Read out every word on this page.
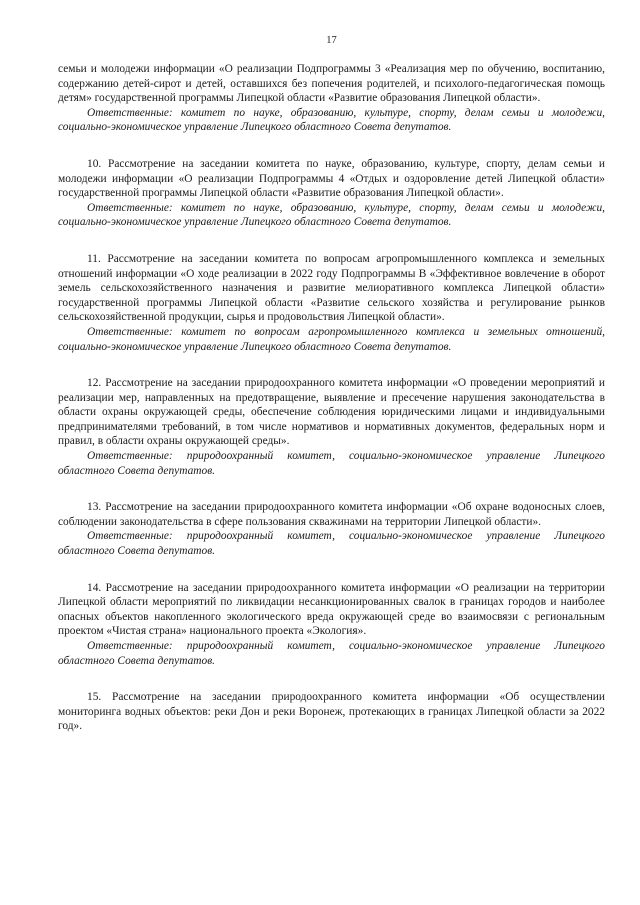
17

семьи и молодежи информации «О реализации Подпрограммы 3 «Реализация мер по обучению, воспитанию, содержанию детей-сирот и детей, оставшихся без попечения родителей, и психолого-педагогическая помощь детям» государственной программы Липецкой области «Развитие образования Липецкой области».

Ответственные: комитет по науке, образованию, культуре, спорту, делам семьи и молодежи, социально-экономическое управление Липецкого областного Совета депутатов.

10. Рассмотрение на заседании комитета по науке, образованию, культуре, спорту, делам семьи и молодежи информации «О реализации Подпрограммы 4 «Отдых и оздоровление детей Липецкой области» государственной программы Липецкой области «Развитие образования Липецкой области».

Ответственные: комитет по науке, образованию, культуре, спорту, делам семьи и молодежи, социально-экономическое управление Липецкого областного Совета депутатов.

11. Рассмотрение на заседании комитета по вопросам агропромышленного комплекса и земельных отношений информации «О ходе реализации в 2022 году Подпрограммы В «Эффективное вовлечение в оборот земель сельскохозяйственного назначения и развитие мелиоративного комплекса Липецкой области» государственной программы Липецкой области «Развитие сельского хозяйства и регулирование рынков сельскохозяйственной продукции, сырья и продовольствия Липецкой области».

Ответственные: комитет по вопросам агропромышленного комплекса и земельных отношений, социально-экономическое управление Липецкого областного Совета депутатов.

12. Рассмотрение на заседании природоохранного комитета информации «О проведении мероприятий и реализации мер, направленных на предотвращение, выявление и пресечение нарушения законодательства в области охраны окружающей среды, обеспечение соблюдения юридическими лицами и индивидуальными предпринимателями требований, в том числе нормативов и нормативных документов, федеральных норм и правил, в области охраны окружающей среды».

Ответственные: природоохранный комитет, социально-экономическое управление Липецкого областного Совета депутатов.

13. Рассмотрение на заседании природоохранного комитета информации «Об охране водоносных слоев, соблюдении законодательства в сфере пользования скважинами на территории Липецкой области».

Ответственные: природоохранный комитет, социально-экономическое управление Липецкого областного Совета депутатов.

14. Рассмотрение на заседании природоохранного комитета информации «О реализации на территории Липецкой области мероприятий по ликвидации несанкционированных свалок в границах городов и наиболее опасных объектов накопленного экологического вреда окружающей среде во взаимосвязи с региональным проектом «Чистая страна» национального проекта «Экология».

Ответственные: природоохранный комитет, социально-экономическое управление Липецкого областного Совета депутатов.

15. Рассмотрение на заседании природоохранного комитета информации «Об осуществлении мониторинга водных объектов: реки Дон и реки Воронеж, протекающих в границах Липецкой области за 2022 год».
